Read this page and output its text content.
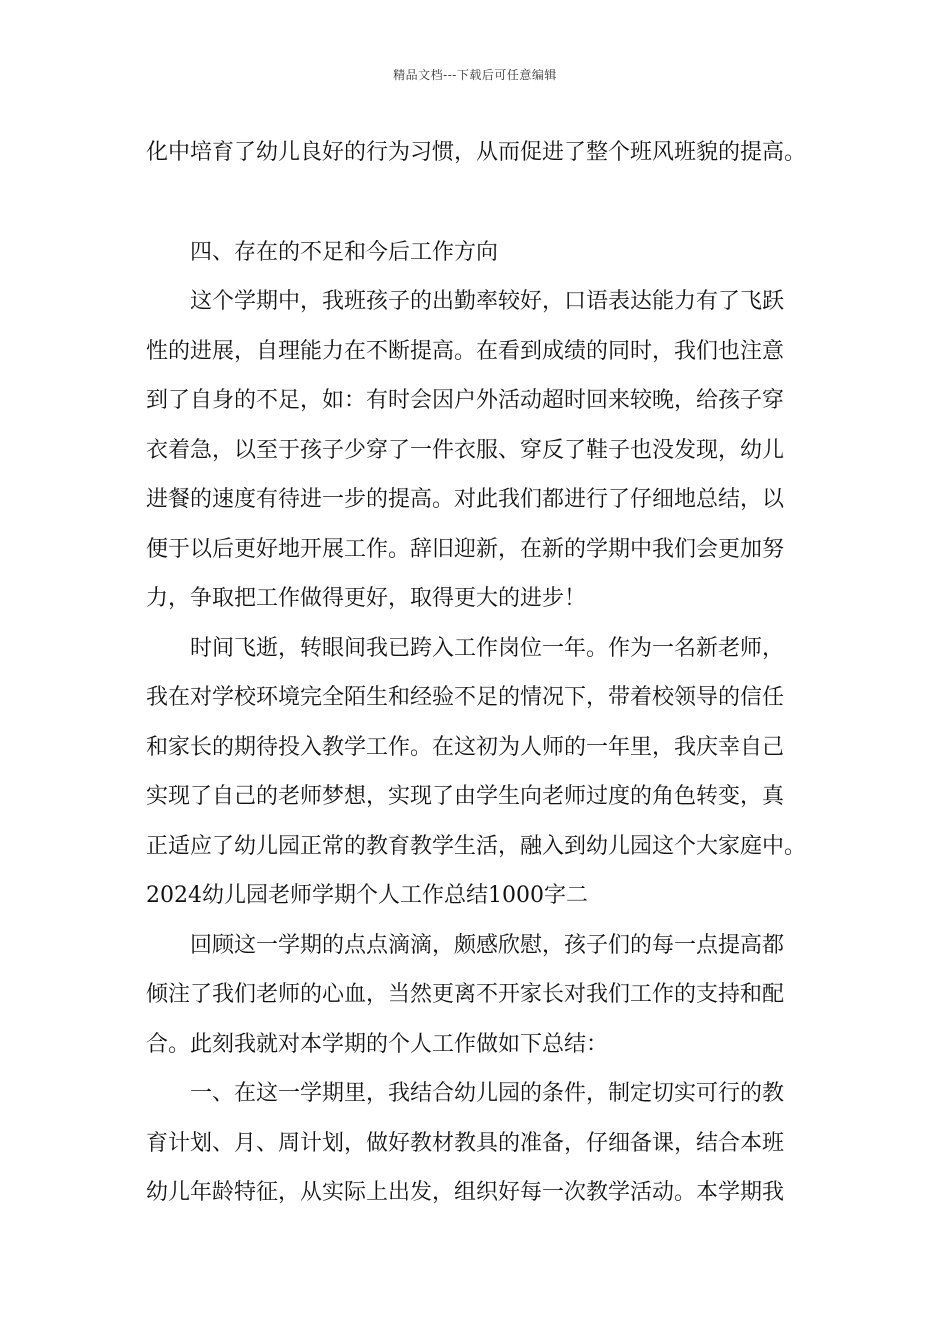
精品文档---下载后可任意编辑
化中培育了幼儿良好的行为习惯，从而促进了整个班风班貌的提高。
四、存在的不足和今后工作方向
这个学期中，我班孩子的出勤率较好，口语表达能力有了飞跃
性的进展，自理能力在不断提高。在看到成绩的同时，我们也注意
到了自身的不足，如：有时会因户外活动超时回来较晚，给孩子穿
衣着急，以至于孩子少穿了一件衣服、穿反了鞋子也没发现，幼儿
进餐的速度有待进一步的提高。对此我们都进行了仔细地总结，以
便于以后更好地开展工作。辞旧迎新，在新的学期中我们会更加努
力，争取把工作做得更好，取得更大的进步！
时间飞逝，转眼间我已跨入工作岗位一年。作为一名新老师，
我在对学校环境完全陌生和经验不足的情况下，带着校领导的信任
和家长的期待投入教学工作。在这初为人师的一年里，我庆幸自己
实现了自己的老师梦想，实现了由学生向老师过度的角色转变，真
正适应了幼儿园正常的教育教学生活，融入到幼儿园这个大家庭中。
2024幼儿园老师学期个人工作总结1000字二
回顾这一学期的点点滴滴，颇感欣慰，孩子们的每一点提高都
倾注了我们老师的心血，当然更离不开家长对我们工作的支持和配
合。此刻我就对本学期的个人工作做如下总结：
一、在这一学期里，我结合幼儿园的条件，制定切实可行的教
育计划、月、周计划，做好教材教具的准备，仔细备课，结合本班
幼儿年龄特征，从实际上出发，组织好每一次教学活动。本学期我
